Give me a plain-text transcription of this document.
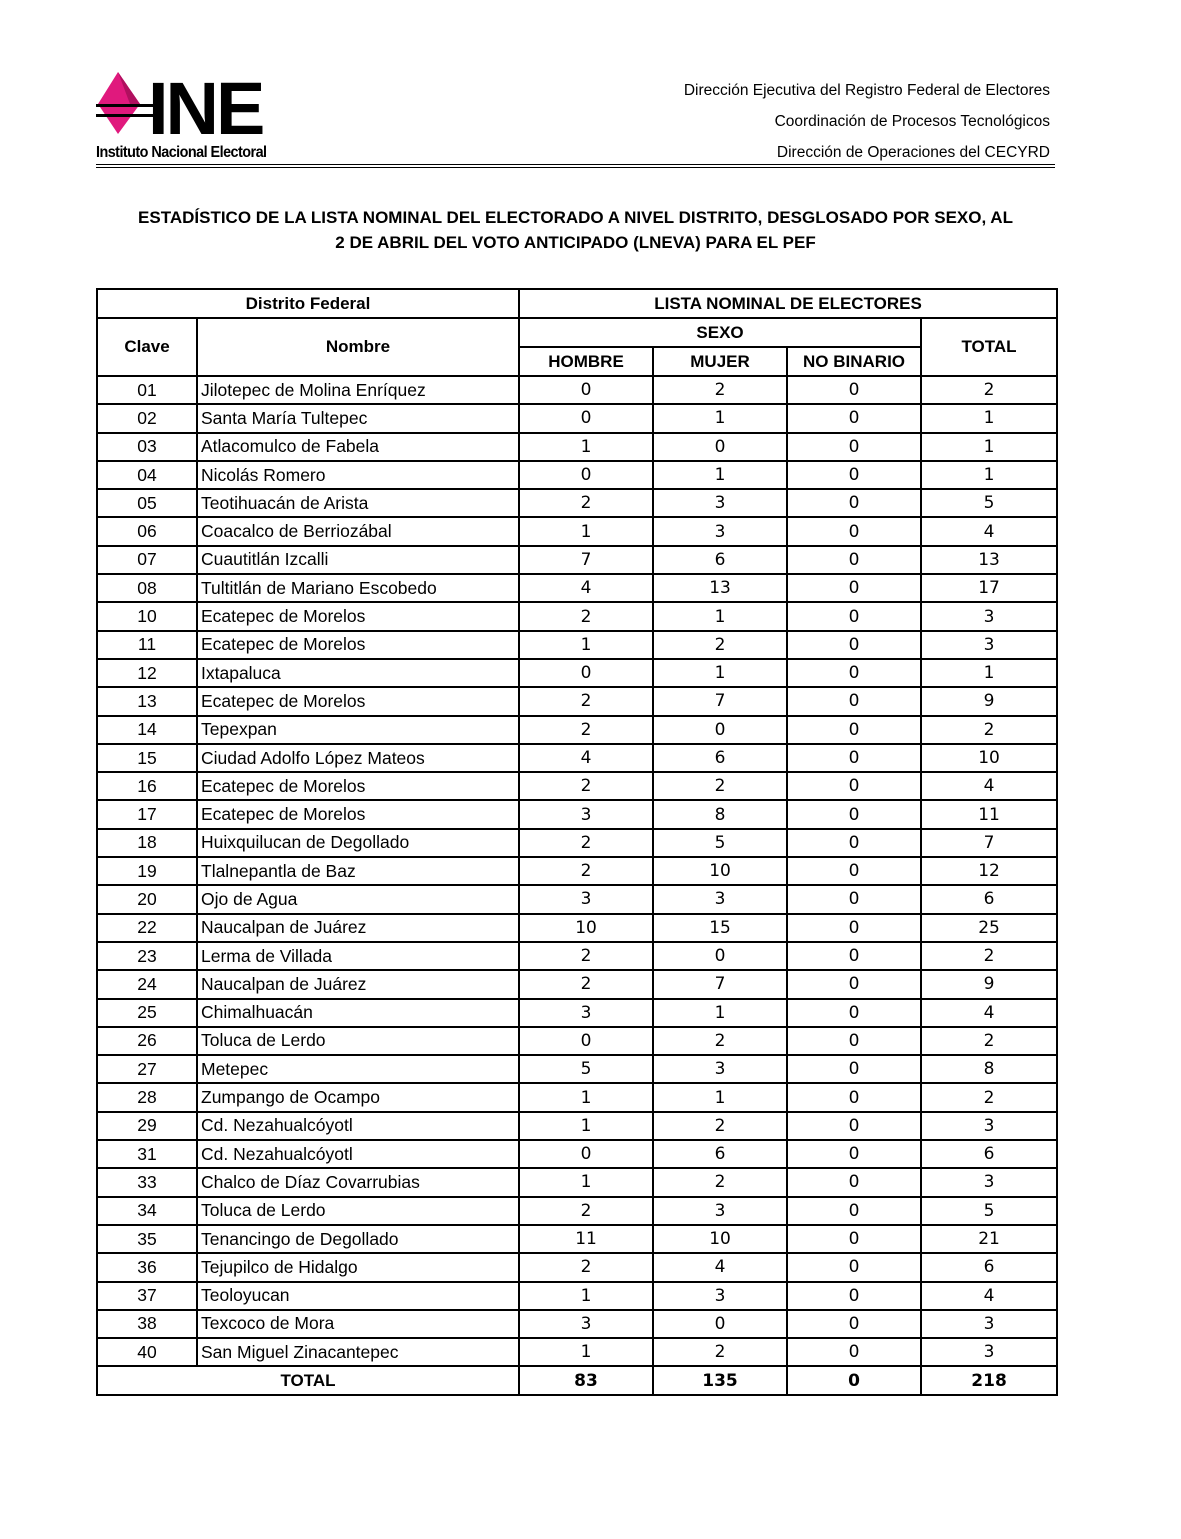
INE
Instituto Nacional Electoral
Dirección Ejecutiva del Registro Federal de Electores
Coordinación de Procesos Tecnológicos
Dirección de Operaciones del CECYRD
ESTADÍSTICO DE LA LISTA NOMINAL DEL ELECTORADO A NIVEL DISTRITO, DESGLOSADO POR SEXO, AL
2 DE ABRIL DEL VOTO ANTICIPADO (LNEVA) PARA EL PEF
Distrito Federal		LISTA NOMINAL DE ELECTORES			
Clave	Nombre	SEXO			TOTAL
		HOMBRE	MUJER	NO BINARIO	
01	Jilotepec de Molina Enríquez	0	2	0	2
02	Santa María Tultepec	0	1	0	1
03	Atlacomulco de Fabela	1	0	0	1
04	Nicolás Romero	0	1	0	1
05	Teotihuacán de Arista	2	3	0	5
06	Coacalco de Berriozábal	1	3	0	4
07	Cuautitlán Izcalli	7	6	0	13
08	Tultitlán de Mariano Escobedo	4	13	0	17
10	Ecatepec de Morelos	2	1	0	3
11	Ecatepec de Morelos	1	2	0	3
12	Ixtapaluca	0	1	0	1
13	Ecatepec de Morelos	2	7	0	9
14	Tepexpan	2	0	0	2
15	Ciudad Adolfo López Mateos	4	6	0	10
16	Ecatepec de Morelos	2	2	0	4
17	Ecatepec de Morelos	3	8	0	11
18	Huixquilucan de Degollado	2	5	0	7
19	Tlalnepantla de Baz	2	10	0	12
20	Ojo de Agua	3	3	0	6
22	Naucalpan de Juárez	10	15	0	25
23	Lerma de Villada	2	0	0	2
24	Naucalpan de Juárez	2	7	0	9
25	Chimalhuacán	3	1	0	4
26	Toluca de Lerdo	0	2	0	2
27	Metepec	5	3	0	8
28	Zumpango de Ocampo	1	1	0	2
29	Cd. Nezahualcóyotl	1	2	0	3
31	Cd. Nezahualcóyotl	0	6	0	6
33	Chalco de Díaz Covarrubias	1	2	0	3
34	Toluca de Lerdo	2	3	0	5
35	Tenancingo de Degollado	11	10	0	21
36	Tejupilco de Hidalgo	2	4	0	6
37	Teoloyucan	1	3	0	4
38	Texcoco de Mora	3	0	0	3
40	San Miguel Zinacantepec	1	2	0	3
TOTAL		83	135	0	218
